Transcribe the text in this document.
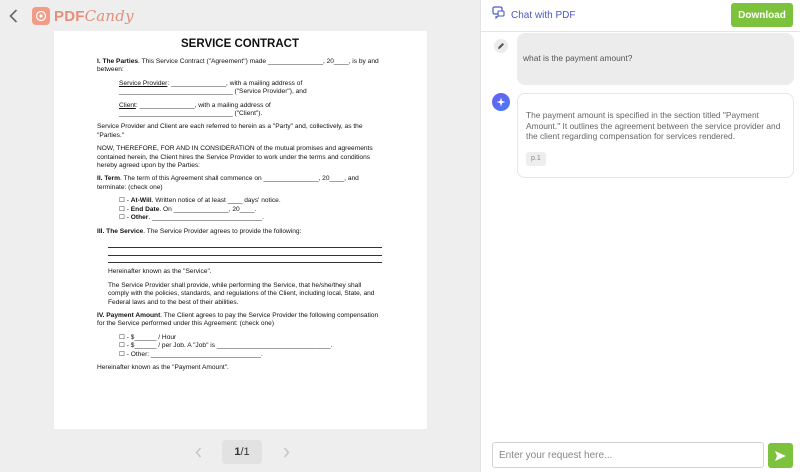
PDFCandy
SERVICE CONTRACT

I. The Parties. This Service Contract ("Agreement") made _______________, 20____, is by and between:

Service Provider: _______________, with a mailing address of
_______________________________ ("Service Provider"), and

Client: _______________, with a mailing address of
_______________________________ ("Client").

Service Provider and Client are each referred to herein as a "Party" and, collectively, as the "Parties."

NOW, THEREFORE, FOR AND IN CONSIDERATION of the mutual promises and agreements contained herein, the Client hires the Service Provider to work under the terms and conditions hereby agreed upon by the Parties:

II. Term. The term of this Agreement shall commence on _______________, 20____, and terminate: (check one)

☐ - At-Will. Written notice of at least ____ days' notice.
☐ - End Date. On _______________, 20____.
☐ - Other. ______________________________.

III. The Service. The Service Provider agrees to provide the following:

Hereinafter known as the "Service".

The Service Provider shall provide, while performing the Service, that he/she/they shall comply with the policies, standards, and regulations of the Client, including local, State, and Federal laws and to the best of their abilities.

IV. Payment Amount. The Client agrees to pay the Service Provider the following compensation for the Service performed under this Agreement: (check one)

☐ - $______ / Hour
☐ - $______ / per Job. A "Job" is _______________________________.
☐ - Other: ______________________________.

Hereinafter known as the "Payment Amount".

1 /1
Chat with PDF	Download
what is the payment amount?
The payment amount is specified in the section titled "Payment Amount." It outlines the agreement between the service provider and the client regarding compensation for services rendered.
p.1
Enter your request here...
